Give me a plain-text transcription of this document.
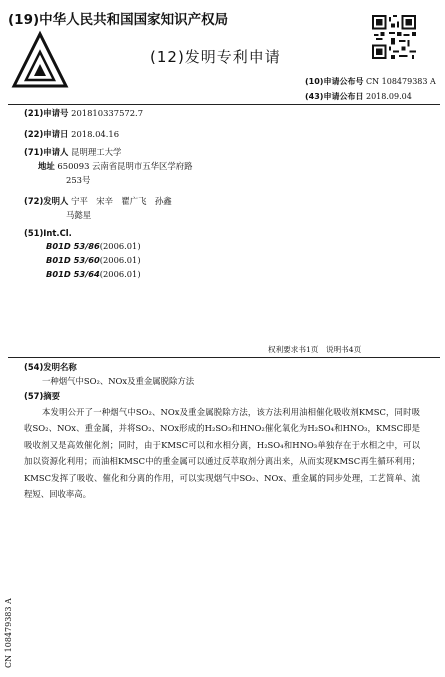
(19)中华人民共和国国家知识产权局
(12)发明专利申请
(10)申请公布号 CN 108479383 A
(43)申请公布日 2018.09.04
(21)申请号 201810337572.7
(22)申请日 2018.04.16
(71)申请人 昆明理工大学
地址 650093 云南省昆明市五华区学府路
253号
(72)发明人 宁平　宋辛　瞿广飞　孙鑫
马懿星
(51)Int.Cl.
B01D 53/86(2006.01)
B01D 53/60(2006.01)
B01D 53/64(2006.01)
权利要求书1页　说明书4页
(54)发明名称
一种烟气中SO₂、NOx及重金属脱除方法
(57)摘要

本发明公开了一种烟气中SO₂、NOx及重金属脱除方法，该方法利用油相催化吸收剂KMSC，同时吸收SO₂、NOx、重金属，并将SO₂、NOx形成的H₂SO₃和HNO₂催化氧化为H₂SO₄和HNO₃，KMSC即是吸收剂又是高效催化剂；同时，由于KMSC可以和水相分离，H₂SO₄和HNO₃单独存在于水相之中，可以加以资源化利用；而油相KMSC中的重金属可以通过反萃取剂分离出来，从而实现KMSC再生循环利用；KMSC发挥了吸收、催化和分离的作用，可以实现烟气中SO₂、NOx、重金属的同步处理，工艺简单、流程短、回收率高。

CN 108479383 A
